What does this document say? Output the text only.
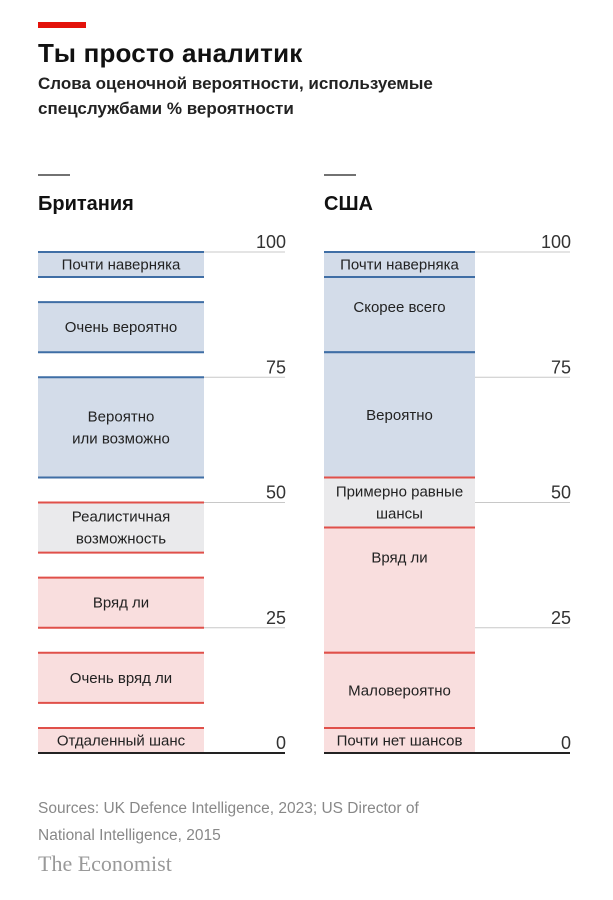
Ты просто аналитик

Слова оценочной вероятности, используемые спецслужбами % вероятности

Британия
Почти наверняка
Очень вероятно
Вероятно
или возможно
Реалистичная
возможность
Вряд ли
Очень вряд ли
Отдаленный шанс	0
25
50
75
100
США
Почти наверняка
Скорее всего
Вероятно
Примерно равные
шансы
Вряд ли
Маловероятно
Почти нет шансов	0
25
50
75
100

Sources: UK Defence Intelligence, 2023; US Director of National Intelligence, 2015

The Economist
